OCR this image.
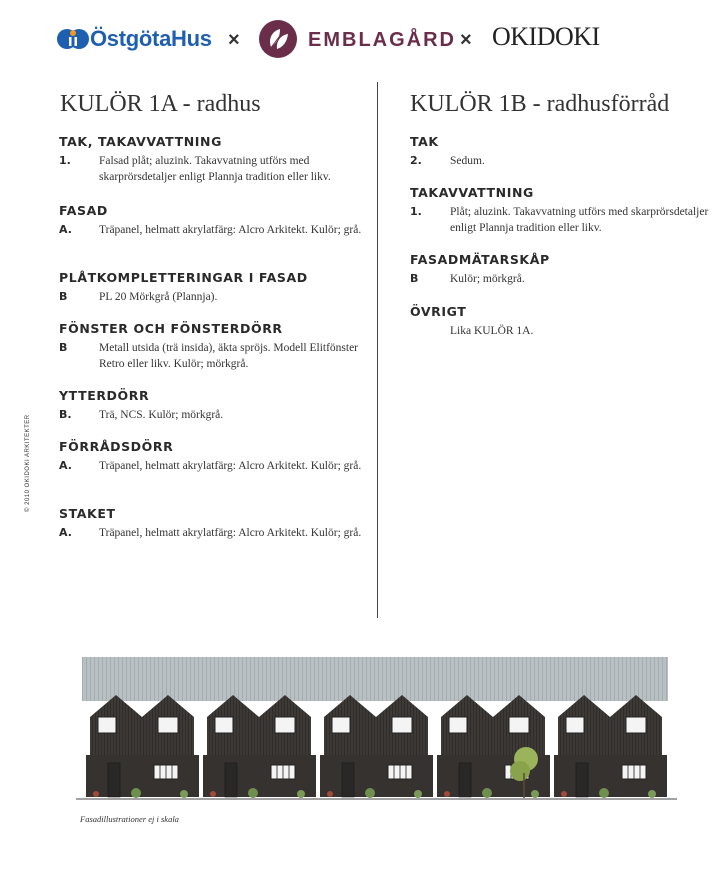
ÖstgötaHus ×	EMBLAGÅRD × OKIDOKI
KULÖR 1A - radhus
TAK, TAKAVVATTNING
1.	Falsad plåt; aluzink. Takavvatning utförs med skarprörsdetaljer enligt Plannja tradition eller likv.
FASAD
A.	Träpanel, helmatt akrylatfärg: Alcro Arkitekt. Kulör; grå.
PLÅTKOMPLETTERINGAR I FASAD
B	PL 20 Mörkgrå (Plannja).
FÖNSTER OCH FÖNSTERDÖRR
B	Metall utsida (trä insida), äkta spröjs. Modell Elitfönster Retro eller likv. Kulör; mörkgrå.
YTTERDÖRR
B.	Trä, NCS. Kulör; mörkgrå.
FÖRRÅDSDÖRR
A.	Träpanel, helmatt akrylatfärg: Alcro Arkitekt. Kulör; grå.
STAKET
A.	Träpanel, helmatt akrylatfärg: Alcro Arkitekt. Kulör; grå.
KULÖR 1B - radhusförråd
TAK
2.	Sedum.
TAKAVVATTNING
1.	Plåt; aluzink. Takavvatning utförs med skarprörsdetaljer enligt Plannja tradition eller likv.
FASADMÄTARSKÅP
B	Kulör; mörkgrå.
ÖVRIGT
Lika KULÖR 1A.
© 2010 OKIDOKI ARKITEKTER
Fasadillustrationer ej i skala
